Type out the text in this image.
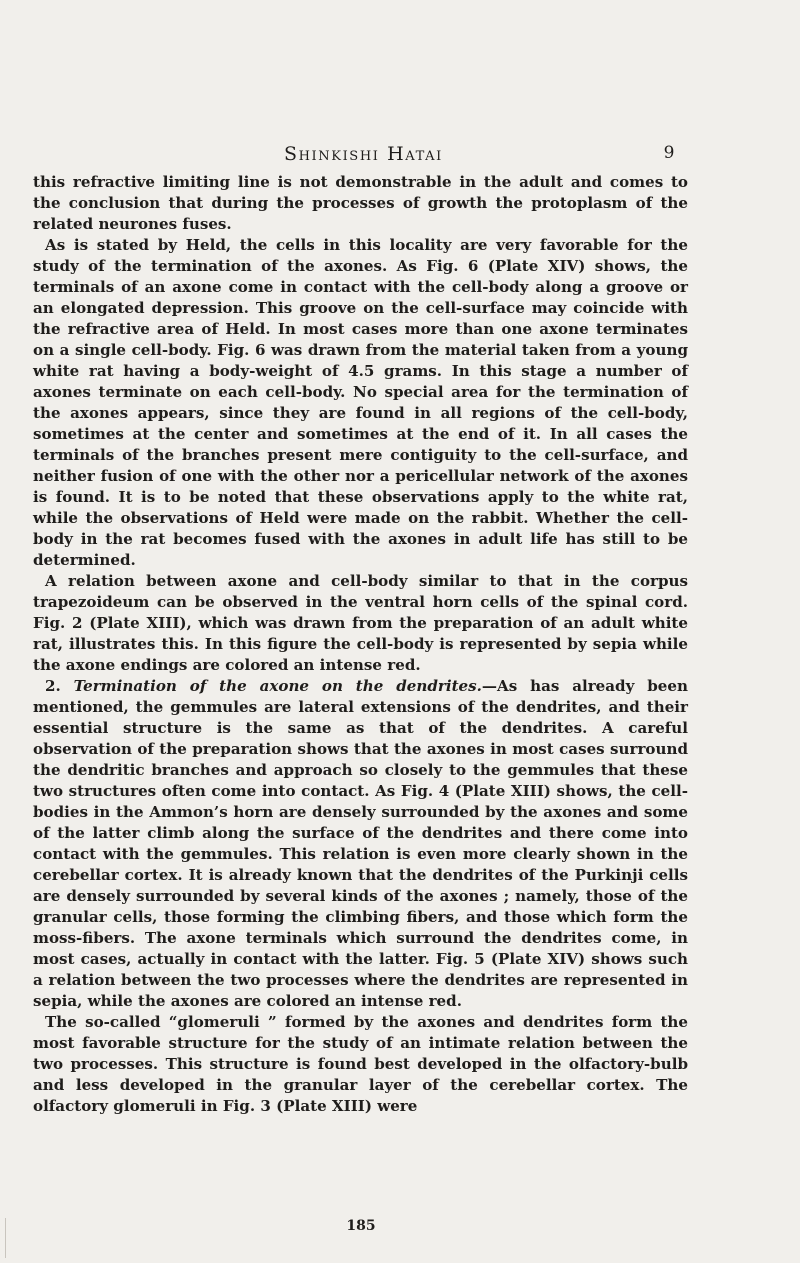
Shinkishi Hatai	9

this refractive limiting line is not demonstrable in the adult and comes to the conclusion that during the processes of growth the protoplasm of the related neurones fuses.

As is stated by Held, the cells in this locality are very favorable for the study of the termination of the axones. As Fig. 6 (Plate XIV) shows, the terminals of an axone come in contact with the cell-body along a groove or an elongated depression. This groove on the cell-surface may coincide with the refractive area of Held. In most cases more than one axone terminates on a single cell-body. Fig. 6 was drawn from the material taken from a young white rat having a body-weight of 4.5 grams. In this stage a number of axones terminate on each cell-body. No special area for the termination of the axones appears, since they are found in all regions of the cell-body, sometimes at the center and sometimes at the end of it. In all cases the terminals of the branches present mere contiguity to the cell-surface, and neither fusion of one with the other nor a pericellular network of the axones is found. It is to be noted that these observations apply to the white rat, while the observations of Held were made on the rabbit. Whether the cell-body in the rat becomes fused with the axones in adult life has still to be determined.

A relation between axone and cell-body similar to that in the corpus trapezoideum can be observed in the ventral horn cells of the spinal cord. Fig. 2 (Plate XIII), which was drawn from the preparation of an adult white rat, illustrates this. In this figure the cell-body is represented by sepia while the axone endings are colored an intense red.

2. Termination of the axone on the dendrites.—As has already been mentioned, the gemmules are lateral extensions of the dendrites, and their essential structure is the same as that of the dendrites. A careful observation of the preparation shows that the axones in most cases surround the dendritic branches and approach so closely to the gemmules that these two structures often come into contact. As Fig. 4 (Plate XIII) shows, the cell-bodies in the Ammon’s horn are densely surrounded by the axones and some of the latter climb along the surface of the dendrites and there come into contact with the gemmules. This relation is even more clearly shown in the cerebellar cortex. It is already known that the dendrites of the Purkinji cells are densely surrounded by several kinds of the axones ; namely, those of the granular cells, those forming the climbing fibers, and those which form the moss-fibers. The axone terminals which surround the dendrites come, in most cases, actually in contact with the latter. Fig. 5 (Plate XIV) shows such a relation between the two processes where the dendrites are represented in sepia, while the axones are colored an intense red.

The so-called “glomeruli ” formed by the axones and dendrites form the most favorable structure for the study of an intimate relation between the two processes. This structure is found best developed in the olfactory-bulb and less developed in the granular layer of the cerebellar cortex. The olfactory glomeruli in Fig. 3 (Plate XIII) were

185
